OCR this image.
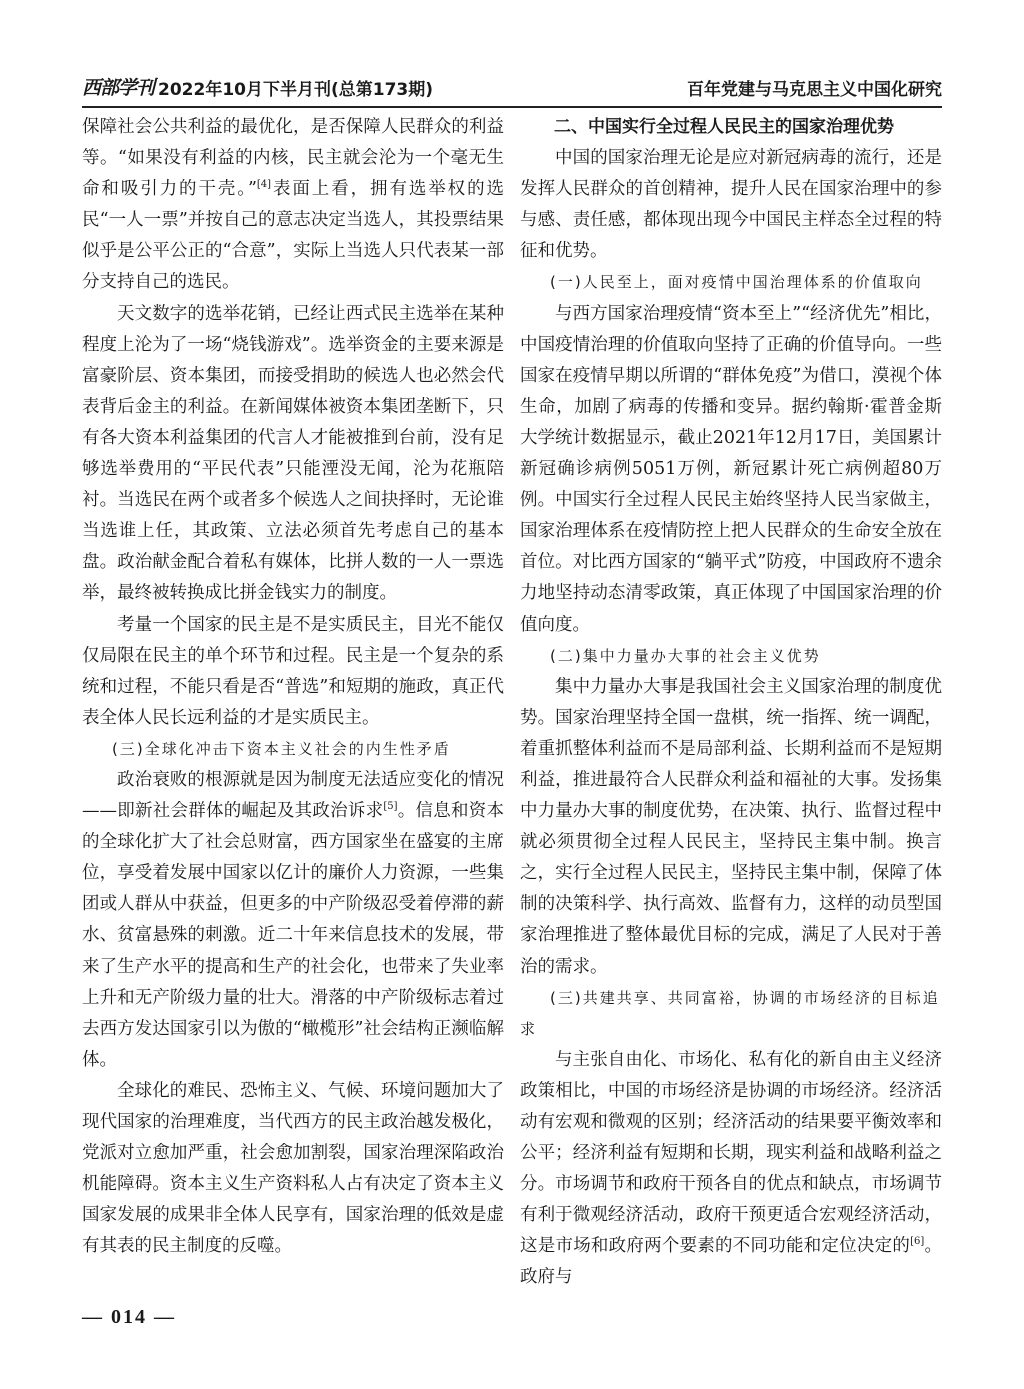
西部学刊 2022年10月下半月刊(总第173期)	百年党建与马克思主义中国化研究

保障社会公共利益的最优化，是否保障人民群众的利益等。“如果没有利益的内核，民主就会沦为一个毫无生命和吸引力的干壳。”[4]表面上看，拥有选举权的选民“一人一票”并按自己的意志决定当选人，其投票结果似乎是公平公正的“合意”，实际上当选人只代表某一部分支持自己的选民。

天文数字的选举花销，已经让西式民主选举在某种程度上沦为了一场“烧钱游戏”。选举资金的主要来源是富豪阶层、资本集团，而接受捐助的候选人也必然会代表背后金主的利益。在新闻媒体被资本集团垄断下，只有各大资本利益集团的代言人才能被推到台前，没有足够选举费用的“平民代表”只能湮没无闻，沦为花瓶陪衬。当选民在两个或者多个候选人之间抉择时，无论谁当选谁上任，其政策、立法必须首先考虑自己的基本盘。政治献金配合着私有媒体，比拼人数的一人一票选举，最终被转换成比拼金钱实力的制度。

考量一个国家的民主是不是实质民主，目光不能仅仅局限在民主的单个环节和过程。民主是一个复杂的系统和过程，不能只看是否“普选”和短期的施政，真正代表全体人民长远利益的才是实质民主。

(三)全球化冲击下资本主义社会的内生性矛盾

政治衰败的根源就是因为制度无法适应变化的情况——即新社会群体的崛起及其政治诉求[5]。信息和资本的全球化扩大了社会总财富，西方国家坐在盛宴的主席位，享受着发展中国家以亿计的廉价人力资源，一些集团或人群从中获益，但更多的中产阶级忍受着停滞的薪水、贫富悬殊的刺激。近二十年来信息技术的发展，带来了生产水平的提高和生产的社会化，也带来了失业率上升和无产阶级力量的壮大。滑落的中产阶级标志着过去西方发达国家引以为傲的“橄榄形”社会结构正濒临解体。

全球化的难民、恐怖主义、气候、环境问题加大了现代国家的治理难度，当代西方的民主政治越发极化，党派对立愈加严重，社会愈加割裂，国家治理深陷政治机能障碍。资本主义生产资料私人占有决定了资本主义国家发展的成果非全体人民享有，国家治理的低效是虚有其表的民主制度的反噬。

二、中国实行全过程人民民主的国家治理优势

中国的国家治理无论是应对新冠病毒的流行，还是发挥人民群众的首创精神，提升人民在国家治理中的参与感、责任感，都体现出现今中国民主样态全过程的特征和优势。

(一)人民至上，面对疫情中国治理体系的价值取向

与西方国家治理疫情“资本至上”“经济优先”相比，中国疫情治理的价值取向坚持了正确的价值导向。一些国家在疫情早期以所谓的“群体免疫”为借口，漠视个体生命，加剧了病毒的传播和变异。据约翰斯·霍普金斯大学统计数据显示，截止2021年12月17日，美国累计新冠确诊病例5051万例，新冠累计死亡病例超80万例。中国实行全过程人民民主始终坚持人民当家做主，国家治理体系在疫情防控上把人民群众的生命安全放在首位。对比西方国家的“躺平式”防疫，中国政府不遗余力地坚持动态清零政策，真正体现了中国国家治理的价值向度。

(二)集中力量办大事的社会主义优势

集中力量办大事是我国社会主义国家治理的制度优势。国家治理坚持全国一盘棋，统一指挥、统一调配，着重抓整体利益而不是局部利益、长期利益而不是短期利益，推进最符合人民群众利益和福祉的大事。发扬集中力量办大事的制度优势，在决策、执行、监督过程中就必须贯彻全过程人民民主，坚持民主集中制。换言之，实行全过程人民民主，坚持民主集中制，保障了体制的决策科学、执行高效、监督有力，这样的动员型国家治理推进了整体最优目标的完成，满足了人民对于善治的需求。

(三)共建共享、共同富裕，协调的市场经济的目标追求

与主张自由化、市场化、私有化的新自由主义经济政策相比，中国的市场经济是协调的市场经济。经济活动有宏观和微观的区别；经济活动的结果要平衡效率和公平；经济利益有短期和长期，现实利益和战略利益之分。市场调节和政府干预各自的优点和缺点，市场调节有利于微观经济活动，政府干预更适合宏观经济活动，这是市场和政府两个要素的不同功能和定位决定的[6]。政府与

— 014 —
